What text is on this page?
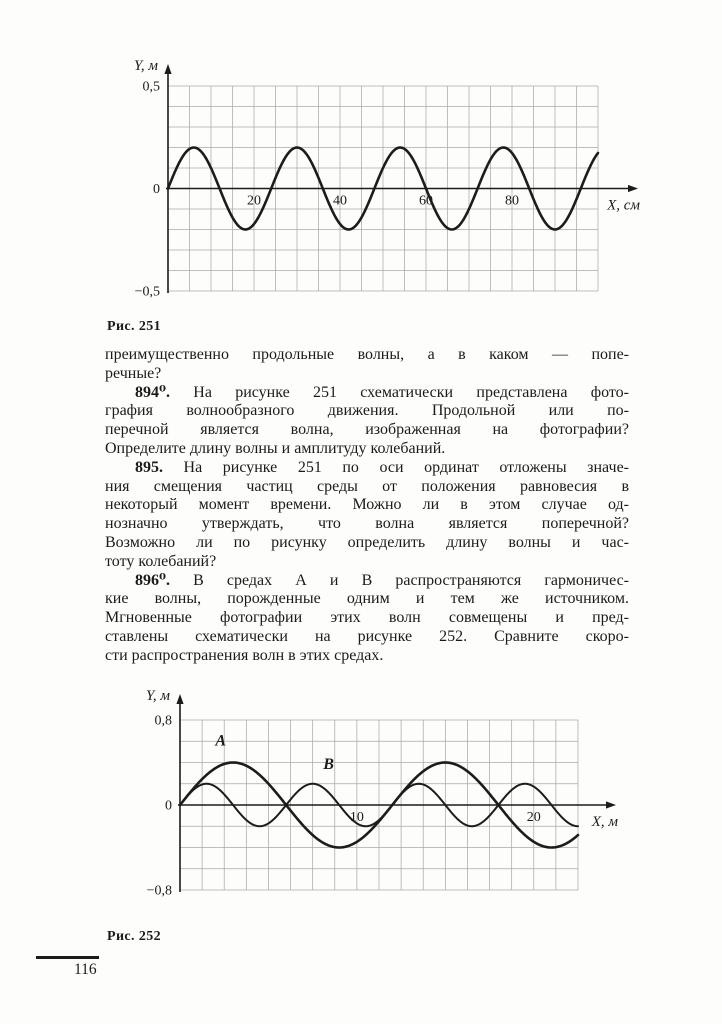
0,5
0
−0,5
20	40	60	80
Y, м
X, см
Рис. 251
преимущественно продольные волны, а в каком — попе-
речные?
894⁰. На рисунке 251 схематически представлена фото-
графия волнообразного движения. Продольной или по-
перечной является волна, изображенная на фотографии?
Определите длину волны и амплитуду колебаний.
895. На рисунке 251 по оси ординат отложены значе-
ния смещения частиц среды от положения равновесия в
некоторый момент времени. Можно ли в этом случае од-
нозначно утверждать, что волна является поперечной?
Возможно ли по рисунку определить длину волны и час-
тоту колебаний?
896⁰. В средах А и В распространяются гармоничес-
кие волны, порожденные одним и тем же источником.
Мгновенные фотографии этих волн совмещены и пред-
ставлены схематически на рисунке 252. Сравните скоро-
сти распространения волн в этих средах.
0,8
0
−0,8
10	20
Y, м
X, м
A
B
Рис. 252
116
